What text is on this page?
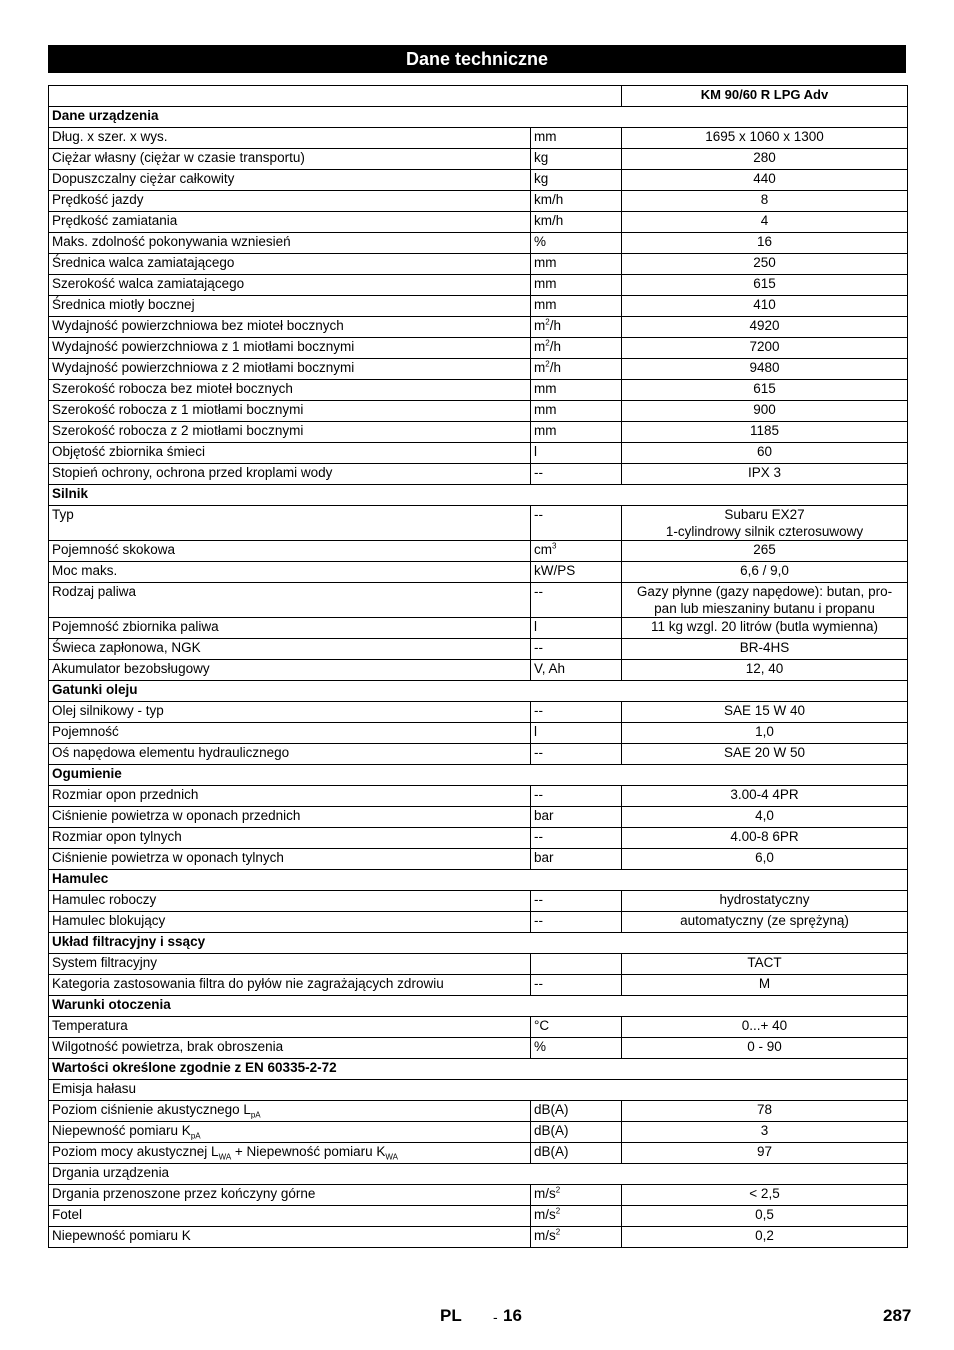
Dane techniczne
		KM 90/60 R LPG Adv
Dane urządzenia		
Dług. x szer. x wys.	mm	1695 x 1060 x 1300

Ciężar własny (ciężar w czasie transportu)	kg	280

Dopuszczalny ciężar całkowity	kg	440

Prędkość jazdy	km/h	8

Prędkość zamiatania	km/h	4

Maks. zdolność pokonywania wzniesień	%	16

Średnica walca zamiatającego	mm	250

Szerokość walca zamiatającego	mm	615

Średnica miotły bocznej	mm	410

Wydajność powierzchniowa bez mioteł bocznych	$m^2/h$	4920

Wydajność powierzchniowa z 1 miotłami bocznymi	$m^2/h$	7200

Wydajność powierzchniowa z 2 miotłami bocznymi	$m^2/h$	9480

Szerokość robocza bez mioteł bocznych	mm	615

Szerokość robocza z 1 miotłami bocznymi	mm	900

Szerokość robocza z 2 miotłami bocznymi	mm	1185

Objętość zbiornika śmieci	l	60

Stopień ochrony, ochrona przed kroplami wody	--	IPX 3

Silnik		
Typ	--	Subaru EX27
1-cylindrowy silnik czterosuwowy

Pojemność skokowa	$cm^3$	265

Moc maks.	kW/PS	6,6 / 9,0

Rodzaj paliwa	--	Gazy płynne (gazy napędowe): butan, pro-
pan lub mieszaniny butanu i propanu

Pojemność zbiornika paliwa	l	11 kg wzgl. 20 litrów (butla wymienna)

Świeca zapłonowa, NGK	--	BR-4HS

Akumulator bezobsługowy	V, Ah	12, 40

Gatunki oleju		
Olej silnikowy - typ	--	SAE 15 W 40

Pojemność	l	1,0

Oś napędowa elementu hydraulicznego	--	SAE 20 W 50

Ogumienie		
Rozmiar opon przednich	--	3.00-4 4PR

Ciśnienie powietrza w oponach przednich	bar	4,0

Rozmiar opon tylnych	--	4.00-8 6PR

Ciśnienie powietrza w oponach tylnych	bar	6,0

Hamulec		
Hamulec roboczy	--	hydrostatyczny

Hamulec blokujący	--	automatyczny (ze sprężyną)

Układ filtracyjny i ssący		
System filtracyjny		TACT

Kategoria zastosowania filtra do pyłów nie zagrażających zdrowiu	--	M

Warunki otoczenia		
Temperatura	°C	0...+ 40

Wilgotność powietrza, brak obroszenia	%	0 - 90

Wartości określone zgodnie z EN 60335-2-72		
Emisja hałasu		
Poziom ciśnienie akustycznego $L_{pA}$	dB(A)	78

Niepewność pomiaru $K_{pA}$	dB(A)	3

Poziom mocy akustycznej $L_{WA}$ + Niepewność pomiaru $K_{WA}$	dB(A)	97

Drgania urządzenia		
Drgania przenoszone przez kończyny górne	$m/s^2$	< 2,5

Fotel	$m/s^2$	0,5

Niepewność pomiaru K	$m/s^2$	0,2
PL - 16	287
